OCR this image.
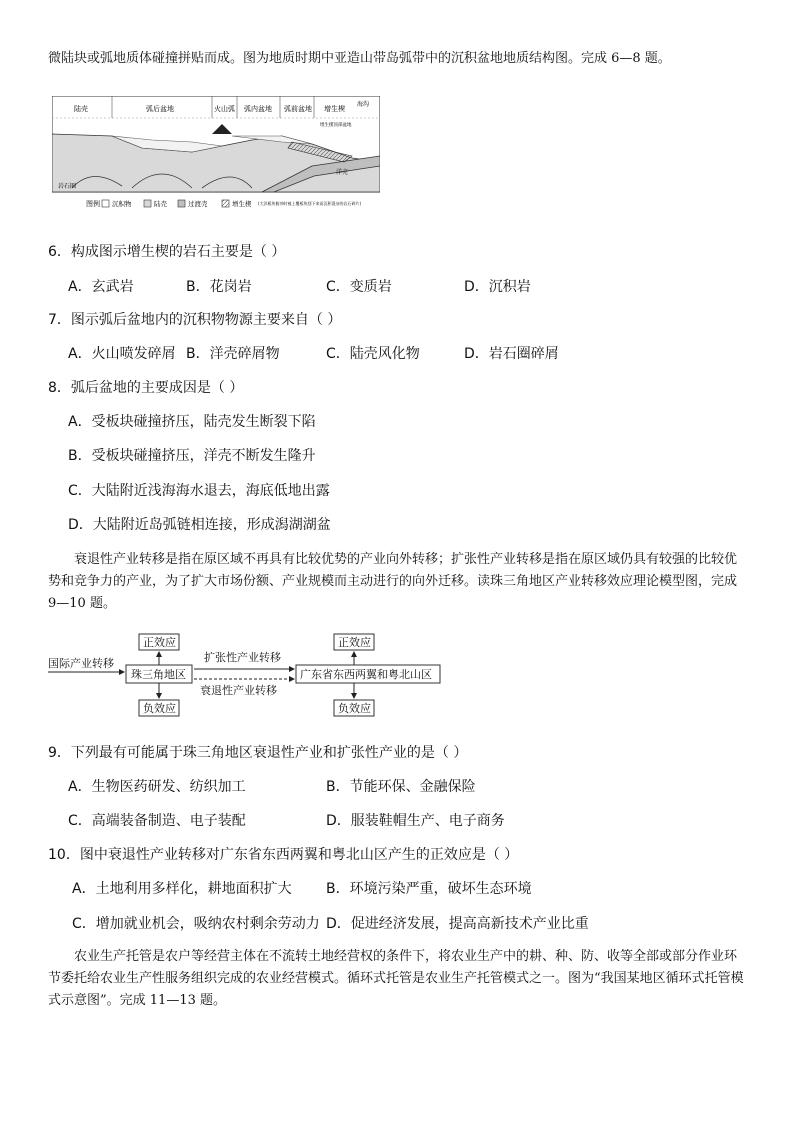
微陆块或弧地质体碰撞拼贴而成。图为地质时期中亚造山带岛弧带中的沉积盆地地质结构图。完成 6—8 题。
陆壳	弧后盆地	火山弧 弧内盆地 弧前盆地 增生楔
海沟
增生楔顶部盆地
岩石圈
洋壳
图例 沉积物	陆壳	过渡壳	增生楔 (大洋板块俯冲时被上覆板块刮下来而沉积混杂的岩石碎片)
6．构成图示增生楔的岩石主要是（ ）
A．玄武岩	B．花岗岩	C．变质岩	D．沉积岩
7．图示弧后盆地内的沉积物物源主要来自（ ）
A．火山喷发碎屑 B．洋壳碎屑物	C．陆壳风化物	D．岩石圈碎屑
8．弧后盆地的主要成因是（ ）
A．受板块碰撞挤压，陆壳发生断裂下陷
B．受板块碰撞挤压，洋壳不断发生隆升
C．大陆附近浅海海水退去，海底低地出露
D．大陆附近岛弧链相连接，形成潟湖湖盆
衰退性产业转移是指在原区域不再具有比较优势的产业向外转移；扩张性产业转移是指在原区域仍具有较强的比较优势和竞争力的产业，为了扩大市场份额、产业规模而主动进行的向外迁移。读珠三角地区产业转移效应理论模型图，完成 9—10 题。
国际产业转移
珠三角地区
正效应
负效应
扩张性产业转移
衰退性产业转移
广东省东西两翼和粤北山区
正效应
负效应
9．下列最有可能属于珠三角地区衰退性产业和扩张性产业的是（ ）
A．生物医药研发、纺织加工	B．节能环保、金融保险
C．高端装备制造、电子装配	D．服装鞋帽生产、电子商务
10．图中衰退性产业转移对广东省东西两翼和粤北山区产生的正效应是（ ）
A．土地利用多样化，耕地面积扩大 B．环境污染严重，破坏生态环境
C．增加就业机会，吸纳农村剩余劳动力 D．促进经济发展，提高高新技术产业比重
农业生产托管是农户等经营主体在不流转土地经营权的条件下，将农业生产中的耕、种、防、收等全部或部分作业环节委托给农业生产性服务组织完成的农业经营模式。循环式托管是农业生产托管模式之一。图为“我国某地区循环式托管模式示意图”。完成 11—13 题。
